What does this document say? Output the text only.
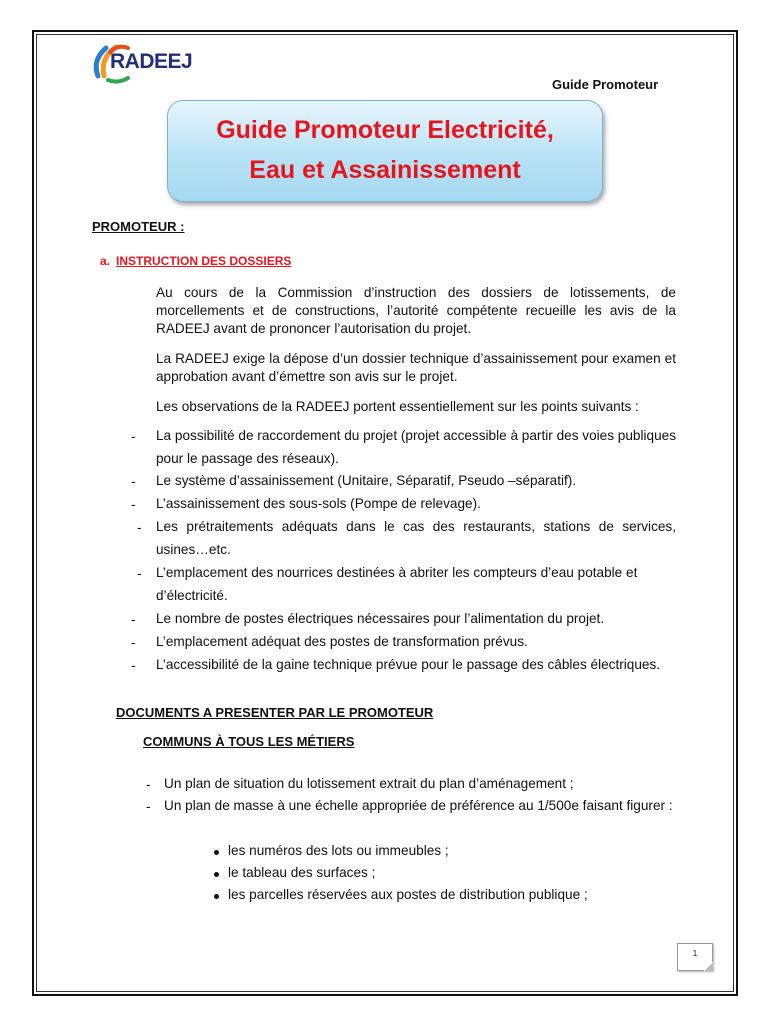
RADEEJ
Guide Promoteur
Guide Promoteur Electricité,
Eau et Assainissement
PROMOTEUR :
a. INSTRUCTION DES DOSSIERS
Au cours de la Commission d’instruction des dossiers de lotissements, de morcellements et de constructions, l’autorité compétente recueille les avis de la RADEEJ avant de prononcer l’autorisation du projet.
La RADEEJ exige la dépose d’un dossier technique d’assainissement pour examen et approbation avant d’émettre son avis sur le projet.
Les observations de la RADEEJ portent essentiellement sur les points suivants :
- La possibilité de raccordement du projet (projet accessible à partir des voies publiques pour le passage des réseaux).
- Le système d’assainissement (Unitaire, Séparatif, Pseudo –séparatif).
- L’assainissement des sous-sols (Pompe de relevage).
- Les prétraitements adéquats dans le cas des restaurants, stations de services, usines…etc.
- L’emplacement des nourrices destinées à abriter les compteurs d’eau potable et d’électricité.
- Le nombre de postes électriques nécessaires pour l’alimentation du projet.
- L’emplacement adéquat des postes de transformation prévus.
- L’accessibilité de la gaine technique prévue pour le passage des câbles électriques.
DOCUMENTS A PRESENTER PAR LE PROMOTEUR
COMMUNS À TOUS LES MÉTIERS
- Un plan de situation du lotissement extrait du plan d’aménagement ;
- Un plan de masse à une échelle appropriée de préférence au 1/500e faisant figurer :
les numéros des lots ou immeubles ;
le tableau des surfaces ;
les parcelles réservées aux postes de distribution publique ;
1
